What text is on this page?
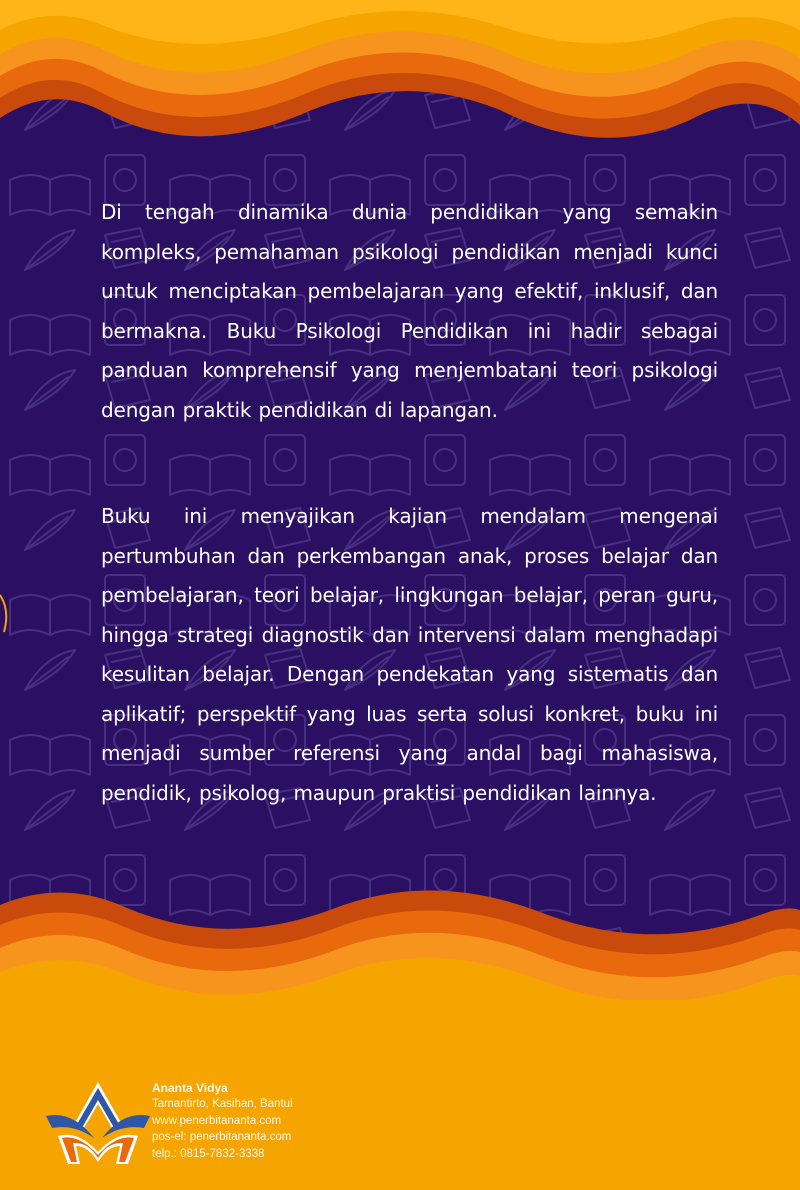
Di tengah dinamika dunia pendidikan yang semakin kompleks, pemahaman psikologi pendidikan menjadi kunci untuk menciptakan pembelajaran yang efektif, inklusif, dan bermakna. Buku Psikologi Pendidikan ini hadir sebagai panduan komprehensif yang menjembatani teori psikologi dengan praktik pendidikan di lapangan.

Buku ini menyajikan kajian mendalam mengenai pertumbuhan dan perkembangan anak, proses belajar dan pembelajaran, teori belajar, lingkungan belajar, peran guru, hingga strategi diagnostik dan intervensi dalam menghadapi kesulitan belajar. Dengan pendekatan yang sistematis dan aplikatif; perspektif yang luas serta solusi konkret, buku ini menjadi sumber referensi yang andal bagi mahasiswa, pendidik, psikolog, maupun praktisi pendidikan lainnya.

Ananta Vidya
Tamantirto, Kasihan, Bantul
www.penerbitananta.com
pos-el: penerbitananta.com
telp.: 0815-7832-3338
